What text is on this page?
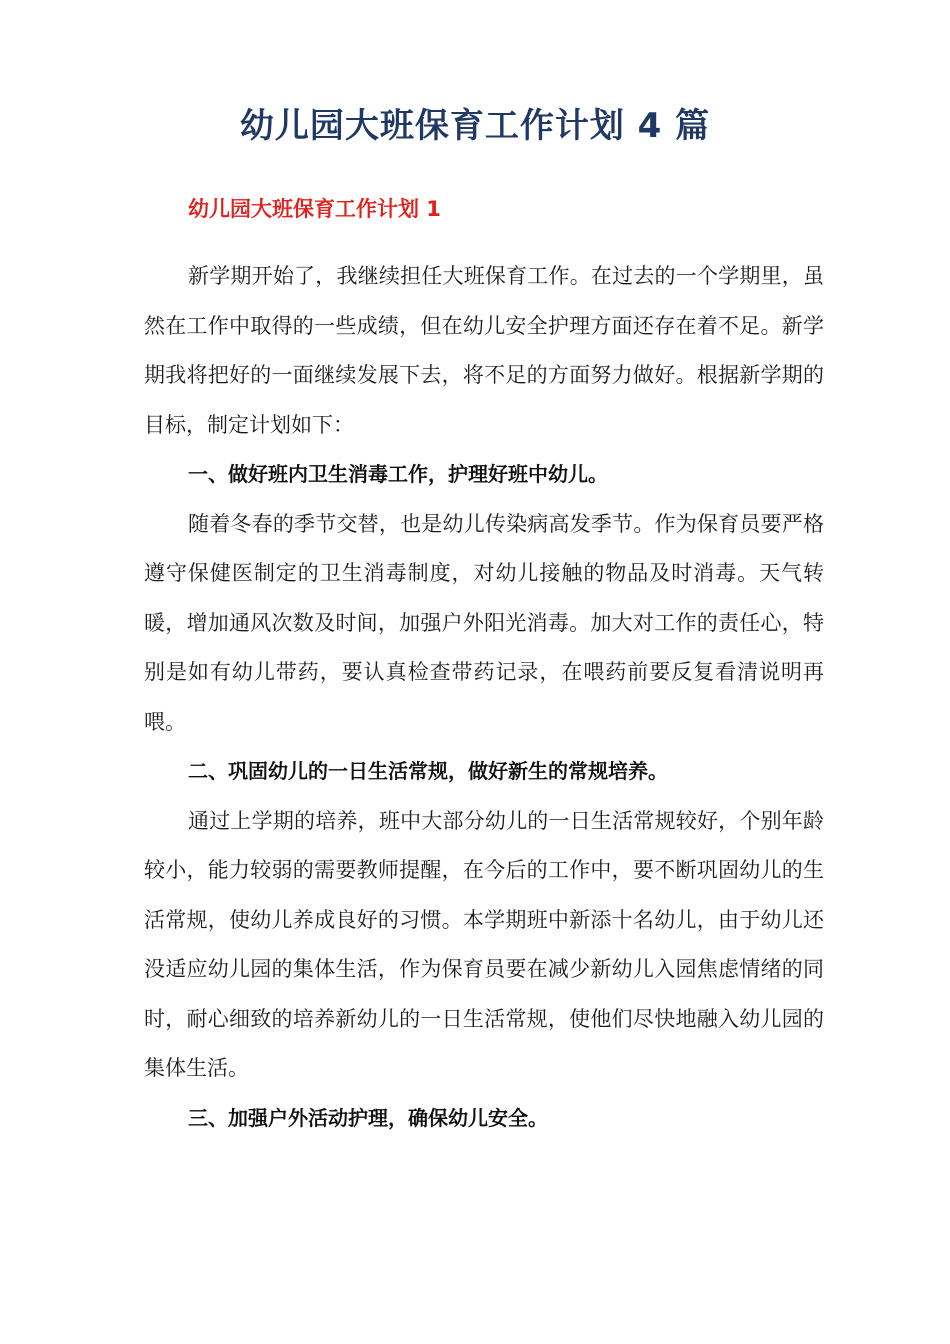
幼儿园大班保育工作计划 4 篇
幼儿园大班保育工作计划 1

新学期开始了，我继续担任大班保育工作。在过去的一个学期里，虽然在工作中取得的一些成绩，但在幼儿安全护理方面还存在着不足。新学期我将把好的一面继续发展下去，将不足的方面努力做好。根据新学期的目标，制定计划如下：

一、做好班内卫生消毒工作，护理好班中幼儿。

随着冬春的季节交替，也是幼儿传染病高发季节。作为保育员要严格遵守保健医制定的卫生消毒制度，对幼儿接触的物品及时消毒。天气转暖，增加通风次数及时间，加强户外阳光消毒。加大对工作的责任心，特别是如有幼儿带药，要认真检查带药记录，在喂药前要反复看清说明再喂。

二、巩固幼儿的一日生活常规，做好新生的常规培养。

通过上学期的培养，班中大部分幼儿的一日生活常规较好，个别年龄较小，能力较弱的需要教师提醒，在今后的工作中，要不断巩固幼儿的生活常规，使幼儿养成良好的习惯。本学期班中新添十名幼儿，由于幼儿还没适应幼儿园的集体生活，作为保育员要在减少新幼儿入园焦虑情绪的同时，耐心细致的培养新幼儿的一日生活常规，使他们尽快地融入幼儿园的集体生活。

三、加强户外活动护理，确保幼儿安全。
